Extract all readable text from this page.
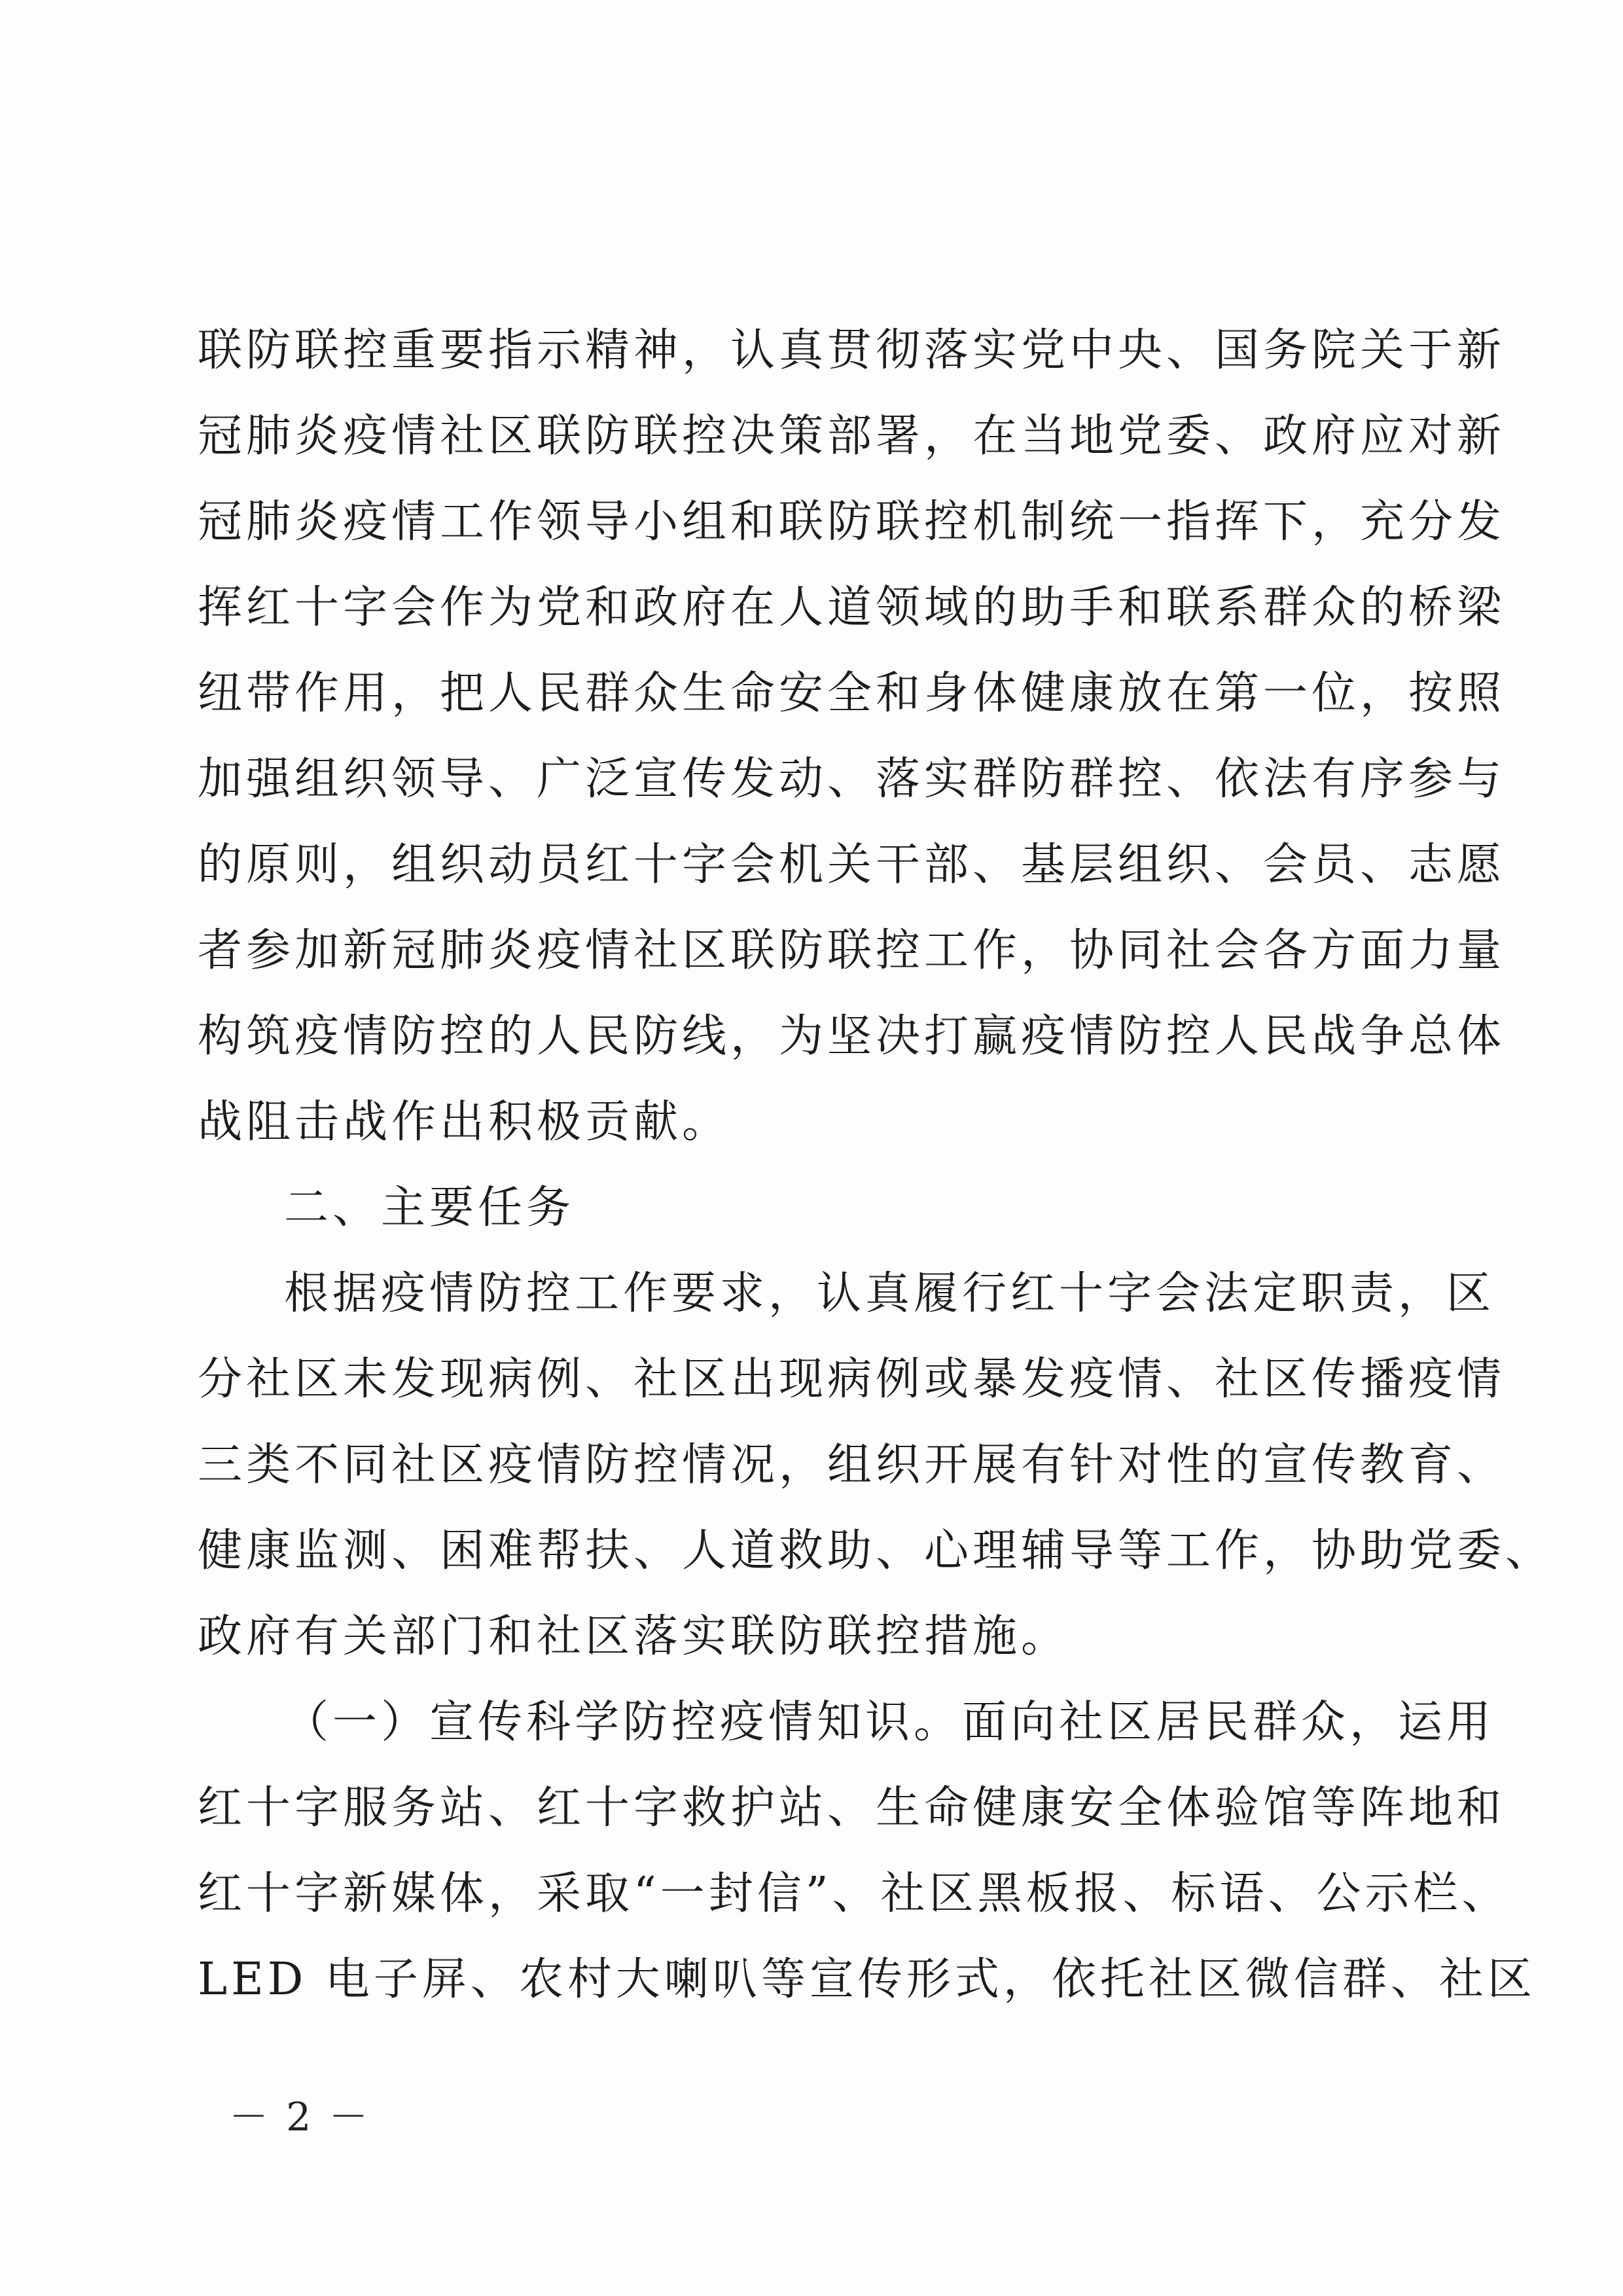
联防联控重要指示精神，认真贯彻落实党中央、国务院关于新
冠肺炎疫情社区联防联控决策部署，在当地党委、政府应对新
冠肺炎疫情工作领导小组和联防联控机制统一指挥下，充分发
挥红十字会作为党和政府在人道领域的助手和联系群众的桥梁
纽带作用，把人民群众生命安全和身体健康放在第一位，按照
加强组织领导、广泛宣传发动、落实群防群控、依法有序参与
的原则，组织动员红十字会机关干部、基层组织、会员、志愿
者参加新冠肺炎疫情社区联防联控工作，协同社会各方面力量
构筑疫情防控的人民防线，为坚决打赢疫情防控人民战争总体
战阻击战作出积极贡献。
二、主要任务
根据疫情防控工作要求，认真履行红十字会法定职责，区
分社区未发现病例、社区出现病例或暴发疫情、社区传播疫情
三类不同社区疫情防控情况，组织开展有针对性的宣传教育、
健康监测、困难帮扶、人道救助、心理辅导等工作，协助党委、
政府有关部门和社区落实联防联控措施。
（一）宣传科学防控疫情知识。面向社区居民群众，运用
红十字服务站、红十字救护站、生命健康安全体验馆等阵地和
红十字新媒体，采取“一封信”、社区黑板报、标语、公示栏、
LED 电子屏、农村大喇叭等宣传形式，依托社区微信群、社区
－ 2 －
